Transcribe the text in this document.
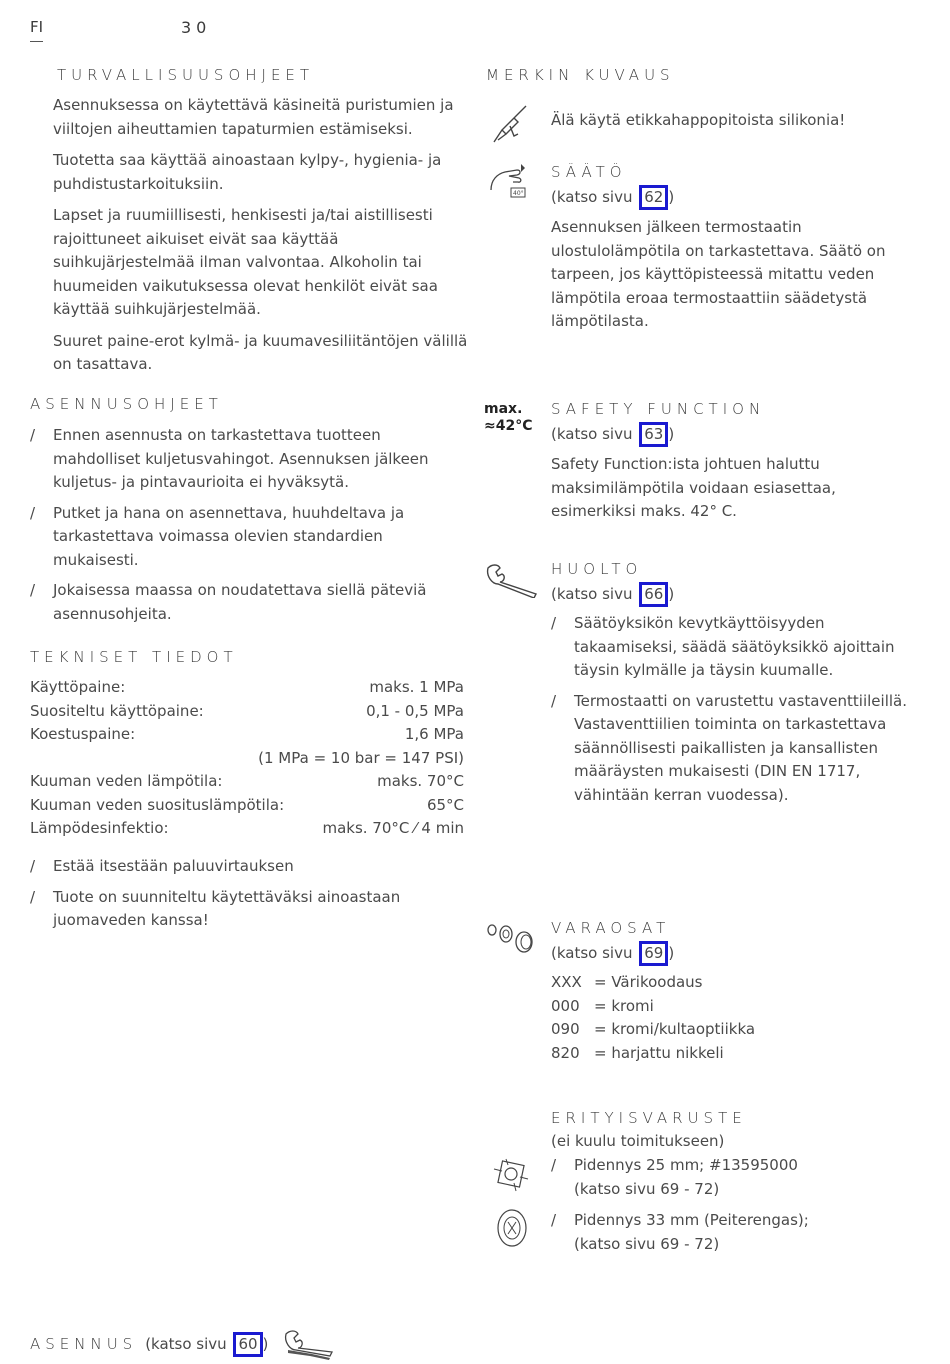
FI	30
TURVALLISUUSOHJEET

Asennuksessa on käytettävä käsineitä puristumien ja viiltojen aiheuttamien tapaturmien estämiseksi.

Tuotetta saa käyttää ainoastaan kylpy-, hygienia- ja puhdistustarkoituksiin.

Lapset ja ruumiillisesti, henkisesti ja/tai aistillisesti rajoittuneet aikuiset eivät saa käyttää suihkujärjestelmää ilman valvontaa. Alkoholin tai huumeiden vaikutuksessa olevat henkilöt eivät saa käyttää suihkujärjestelmää.

Suuret paine-erot kylmä- ja kuumavesiliitäntöjen välillä on tasattava.

ASENNUSOHJEET
/ Ennen asennusta on tarkastettava tuotteen mahdolliset kuljetusvahingot. Asennuksen jälkeen kuljetus- ja pintavaurioita ei hyväksytä.
/ Putket ja hana on asennettava, huuhdeltava ja tarkastettava voimassa olevien standardien mukaisesti.
/ Jokaisessa maassa on noudatettava siellä päteviä asennusohjeita.
TEKNISET TIEDOT
Käyttöpaine:	maks. 1 MPa
Suositeltu käyttöpaine:	0,1 - 0,5 MPa
Koestuspaine:	1,6 MPa
(1 MPa = 10 bar = 147 PSI)
Kuuman veden lämpötila:	maks. 70°C
Kuuman veden suosituslämpötila:	65°C
Lämpödesinfektio:	maks. 70°C ⁄ 4 min
/ Estää itsestään paluuvirtauksen
/ Tuote on suunniteltu käytettäväksi ainoastaan juomaveden kanssa!
MERKIN KUVAUS
Älä käytä etikkahappopitoista silikonia!
40°
SÄÄTÖ
(katso sivu 62 )
Asennuksen jälkeen termostaatin ulostulolämpötila on tarkastettava. Säätö on tarpeen, jos käyttöpisteessä mitattu veden lämpötila eroaa termostaattiin säädetystä lämpötilasta.
max.
≈42°C
SAFETY FUNCTION
(katso sivu 63 )
Safety Function:ista johtuen haluttu maksimilämpötila voidaan esiasettaa, esimerkiksi maks. 42° C.
HUOLTO
(katso sivu 66 )
/ Säätöyksikön kevytkäyttöisyyden takaamiseksi, säädä säätöyksikkö ajoittain täysin kylmälle ja täysin kuumalle.
/ Termostaatti on varustettu vastaventtiileillä. Vastaventtiilien toiminta on tarkastettava säännöllisesti paikallisten ja kansallisten määräysten mukaisesti (DIN EN 1717, vähintään kerran vuodessa).
VARAOSAT
(katso sivu 69 )
XXX = Värikoodaus
000 = kromi
090 = kromi/kultaoptiikka
820 = harjattu nikkeli
ERITYISVARUSTE
(ei kuulu toimitukseen)
/ Pidennys 25 mm; #13595000
(katso sivu 69 - 72)
/ Pidennys 33 mm (Peiterengas);
(katso sivu 69 - 72)
ASENNUS (katso sivu 60 )
